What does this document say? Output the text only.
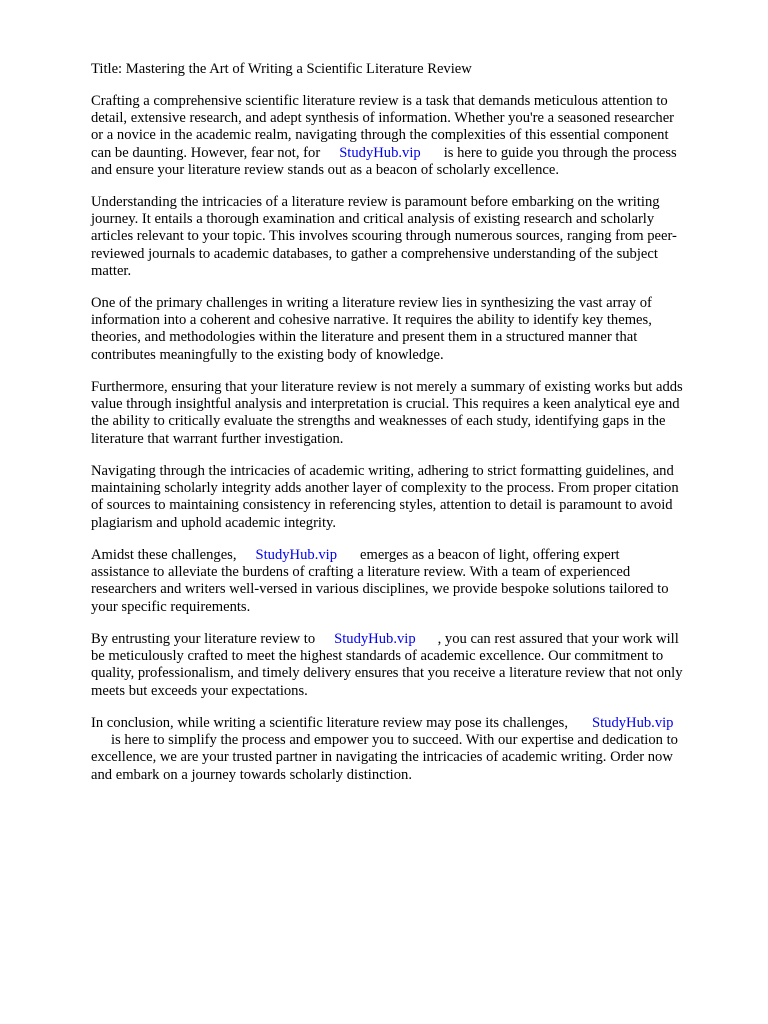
Title: Mastering the Art of Writing a Scientific Literature Review
Crafting a comprehensive scientific literature review is a task that demands meticulous attention to
detail, extensive research, and adept synthesis of information. Whether you're a seasoned researcher
or a novice in the academic realm, navigating through the complexities of this essential component
can be daunting. However, fear not, for StudyHub.vip is here to guide you through the process
and ensure your literature review stands out as a beacon of scholarly excellence.
Understanding the intricacies of a literature review is paramount before embarking on the writing
journey. It entails a thorough examination and critical analysis of existing research and scholarly
articles relevant to your topic. This involves scouring through numerous sources, ranging from peer-
reviewed journals to academic databases, to gather a comprehensive understanding of the subject
matter.
One of the primary challenges in writing a literature review lies in synthesizing the vast array of
information into a coherent and cohesive narrative. It requires the ability to identify key themes,
theories, and methodologies within the literature and present them in a structured manner that
contributes meaningfully to the existing body of knowledge.
Furthermore, ensuring that your literature review is not merely a summary of existing works but adds
value through insightful analysis and interpretation is crucial. This requires a keen analytical eye and
the ability to critically evaluate the strengths and weaknesses of each study, identifying gaps in the
literature that warrant further investigation.
Navigating through the intricacies of academic writing, adhering to strict formatting guidelines, and
maintaining scholarly integrity adds another layer of complexity to the process. From proper citation
of sources to maintaining consistency in referencing styles, attention to detail is paramount to avoid
plagiarism and uphold academic integrity.
Amidst these challenges, StudyHub.vip emerges as a beacon of light, offering expert
assistance to alleviate the burdens of crafting a literature review. With a team of experienced
researchers and writers well-versed in various disciplines, we provide bespoke solutions tailored to
your specific requirements.
By entrusting your literature review to StudyHub.vip , you can rest assured that your work will
be meticulously crafted to meet the highest standards of academic excellence. Our commitment to
quality, professionalism, and timely delivery ensures that you receive a literature review that not only
meets but exceeds your expectations.
In conclusion, while writing a scientific literature review may pose its challenges, StudyHub.vip
is here to simplify the process and empower you to succeed. With our expertise and dedication to
excellence, we are your trusted partner in navigating the intricacies of academic writing. Order now
and embark on a journey towards scholarly distinction.
